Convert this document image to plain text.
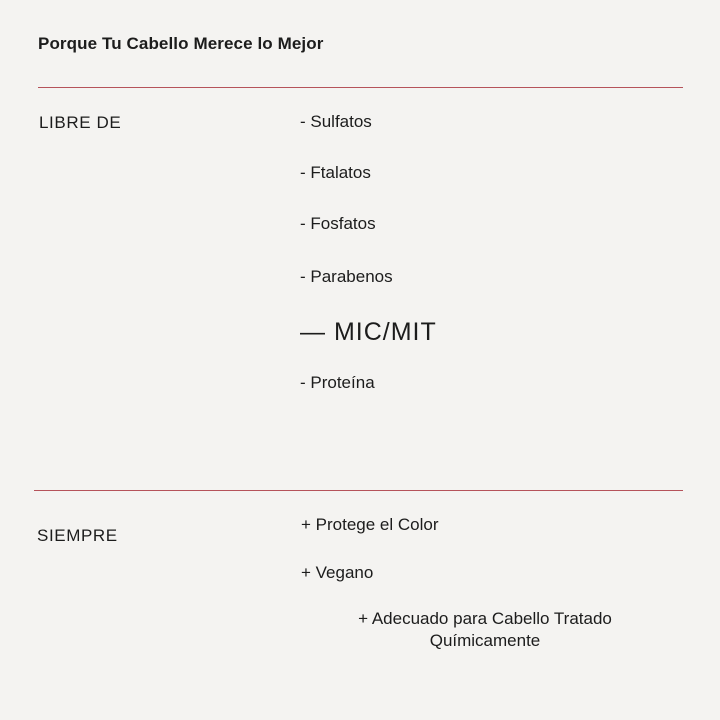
Porque Tu Cabello Merece lo Mejor
LIBRE DE	- Sulfatos
- Ftalatos
- Fosfatos
- Parabenos
— MIC/MIT
- Proteína
SIEMPRE
+ Protege el Color
+ Vegano
+ Adecuado para Cabello Tratado Químicamente
